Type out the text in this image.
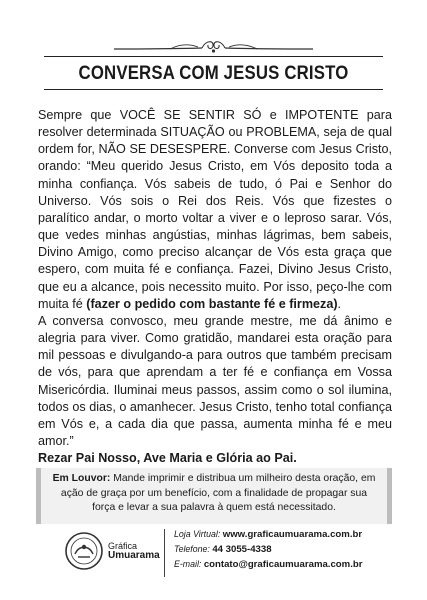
CONVERSA COM JESUS CRISTO

Sempre que VOCÊ SE SENTIR SÓ e IMPOTENTE para resolver determinada SITUAÇÃO ou PROBLEMA, seja de qual ordem for, NÃO SE DESESPERE. Converse com Jesus Cristo, orando: “Meu querido Jesus Cristo, em Vós deposito toda a minha confiança. Vós sabeis de tudo, ó Pai e Senhor do Universo. Vós sois o Rei dos Reis. Vós que fizestes o paralítico andar, o morto voltar a viver e o leproso sarar. Vós, que vedes minhas angústias, minhas lágrimas, bem sabeis, Divino Amigo, como preciso alcançar de Vós esta graça que espero, com muita fé e confiança. Fazei, Divino Jesus Cristo, que eu a alcance, pois necessito muito. Por isso, peço-lhe com muita fé (fazer o pedido com bastante fé e firmeza).

A conversa convosco, meu grande mestre, me dá ânimo e alegria para viver. Como gratidão, mandarei esta oração para mil pessoas e divulgando-a para outros que também precisam de vós, para que aprendam a ter fé e confiança em Vossa Misericórdia. Iluminai meus passos, assim como o sol ilumina, todos os dias, o amanhecer. Jesus Cristo, tenho total confiança em Vós e, a cada dia que passa, aumenta minha fé e meu amor.”

Rezar Pai Nosso, Ave Maria e Glória ao Pai.

Em Louvor: Mande imprimir e distribua um milheiro desta oração, em ação de graça por um benefício, com a finalidade de propagar sua força e levar a sua palavra à quem está necessitado.
Gráfica
Umuarama
Loja Virtual: www.graficaumuarama.com.br
Telefone: 44 3055-4338
E-mail: contato@graficaumuarama.com.br
